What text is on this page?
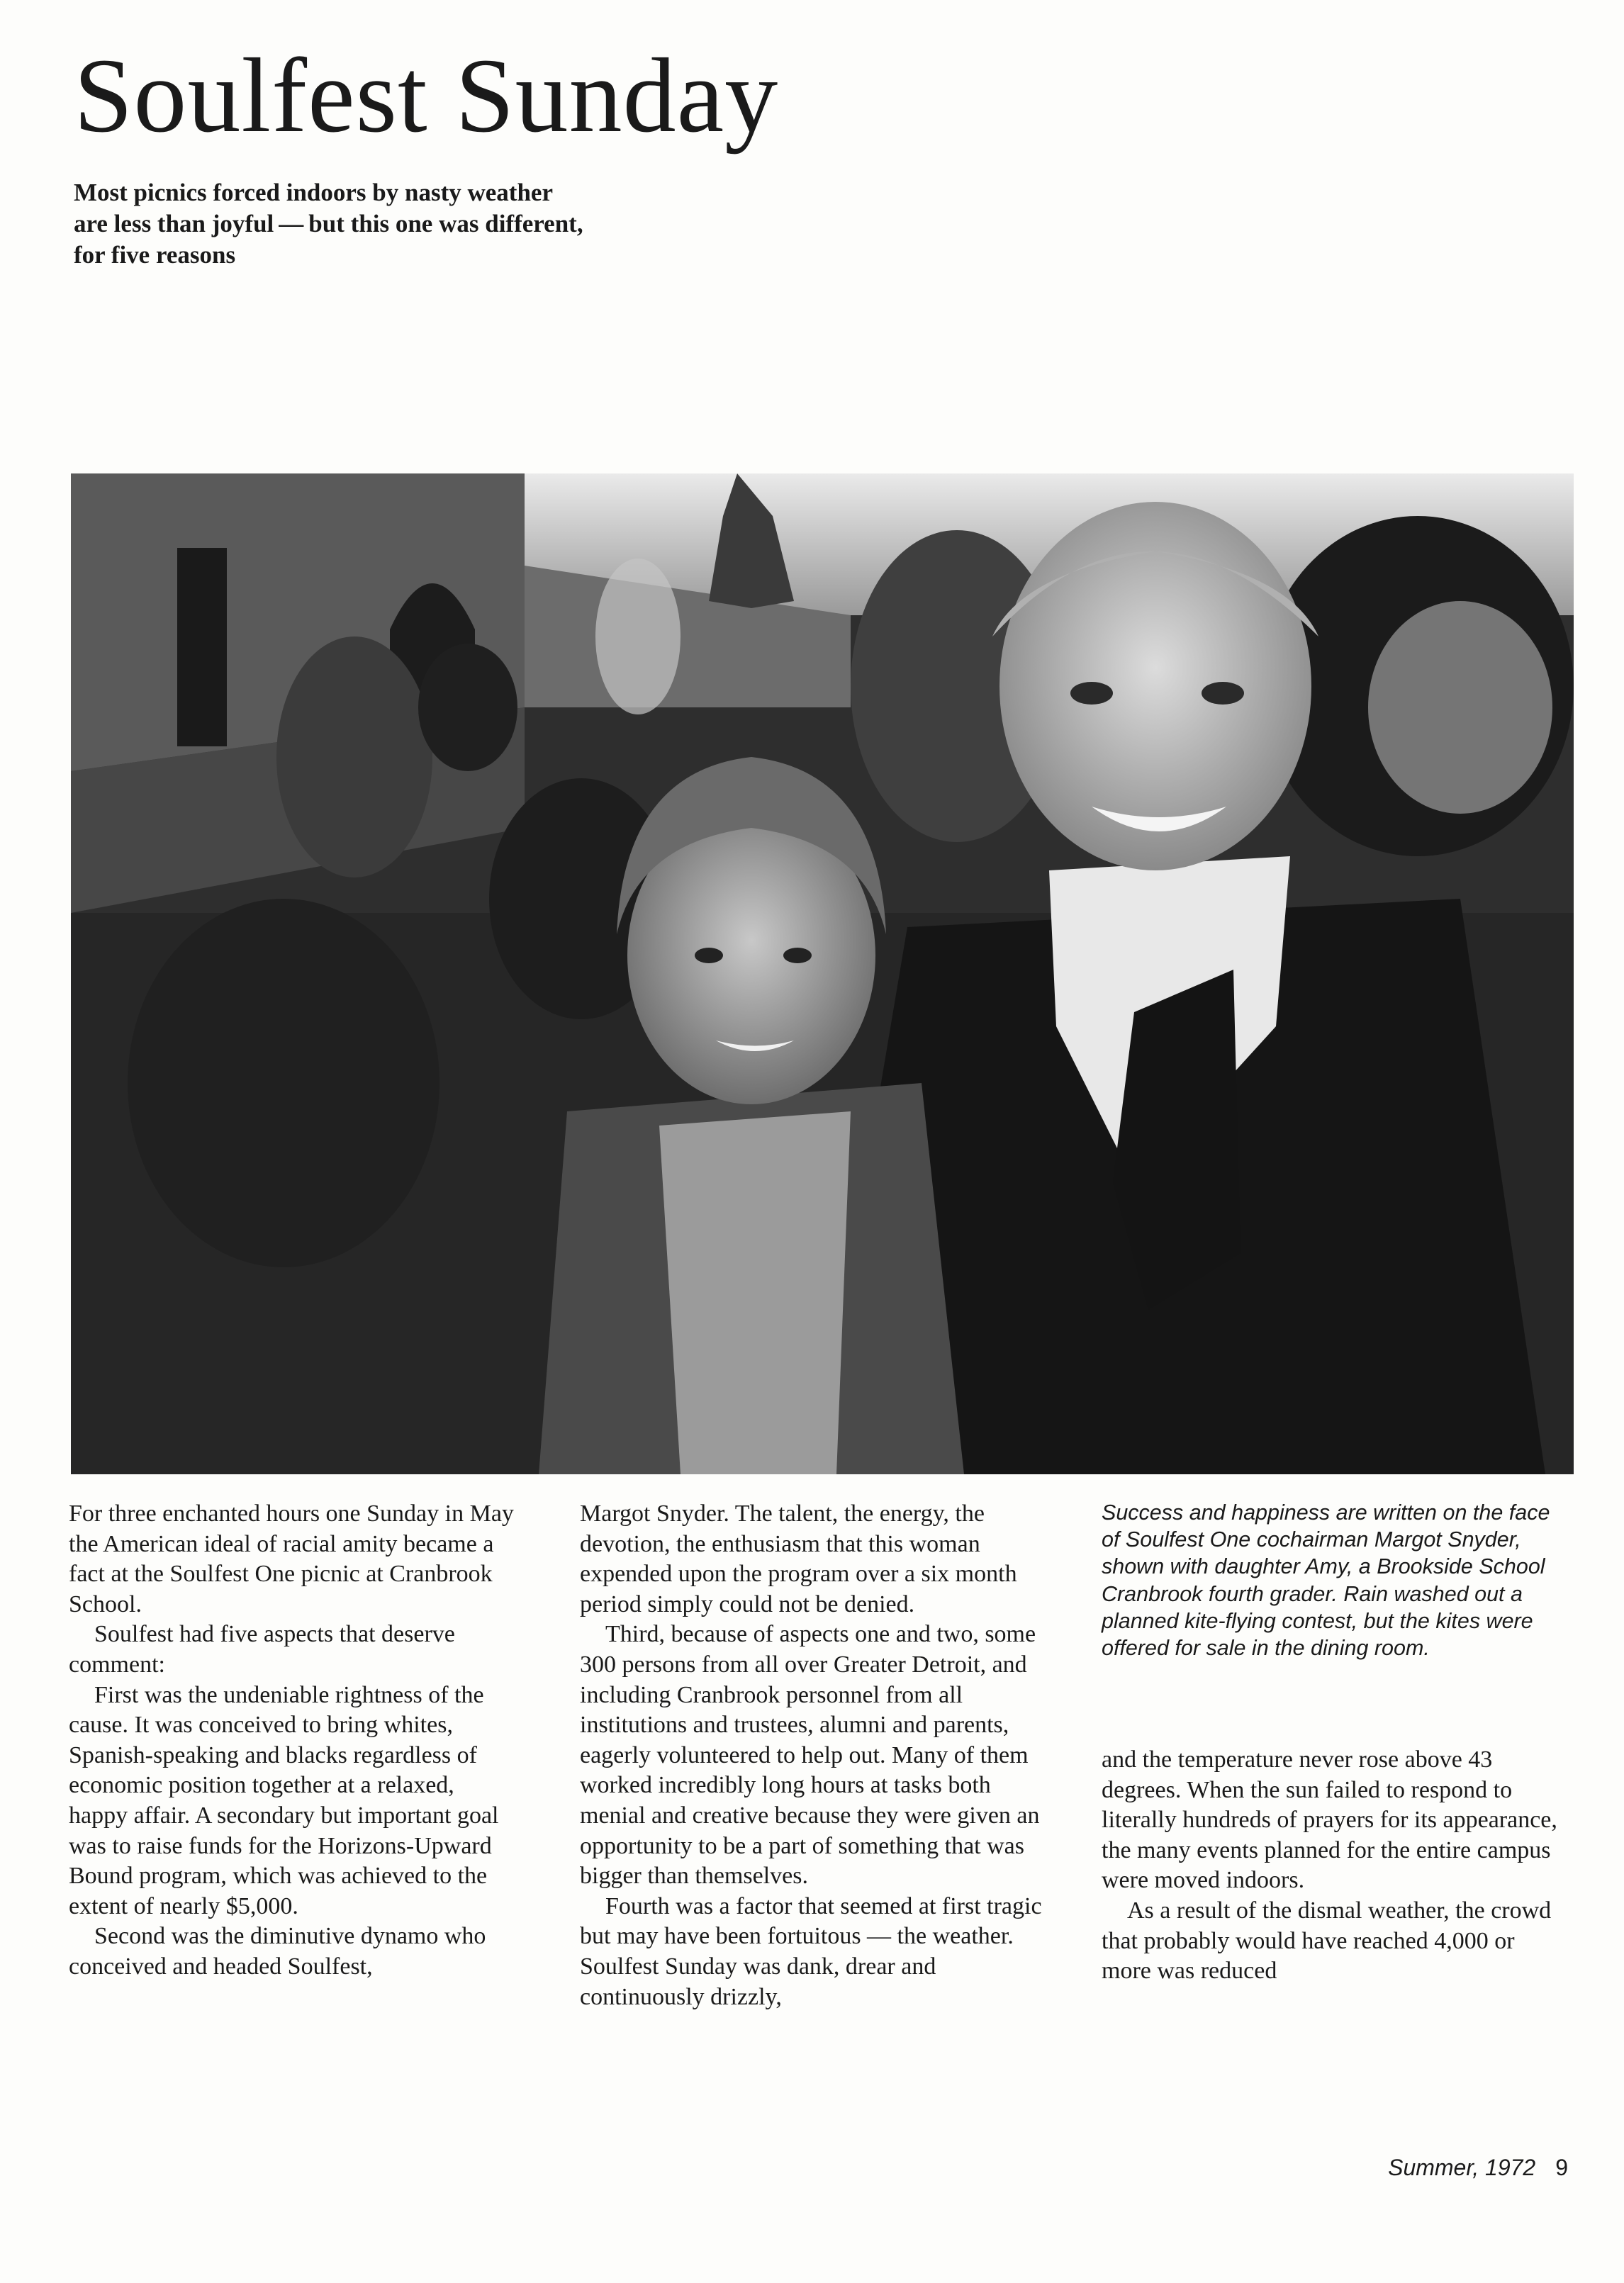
Soulfest Sunday

Most picnics forced indoors by nasty weather are less than joyful — but this one was different, for five reasons

For three enchanted hours one Sunday in May the American ideal of racial amity became a fact at the Soulfest One picnic at Cranbrook School.

Soulfest had five aspects that deserve comment:

First was the undeniable rightness of the cause. It was conceived to bring whites, Spanish-speaking and blacks regardless of economic position together at a relaxed, happy affair. A secondary but important goal was to raise funds for the Horizons-Upward Bound program, which was achieved to the extent of nearly $5,000.

Second was the diminutive dynamo who conceived and headed Soulfest,

Margot Snyder. The talent, the energy, the devotion, the enthusiasm that this woman expended upon the program over a six month period simply could not be denied.

Third, because of aspects one and two, some 300 persons from all over Greater Detroit, and including Cranbrook personnel from all institutions and trustees, alumni and parents, eagerly volunteered to help out. Many of them worked incredibly long hours at tasks both menial and creative because they were given an opportunity to be a part of something that was bigger than themselves.

Fourth was a factor that seemed at first tragic but may have been fortuitous — the weather. Soulfest Sunday was dank, drear and continuously drizzly,

Success and happiness are written on the face of Soulfest One cochairman Margot Snyder, shown with daughter Amy, a Brookside School Cranbrook fourth grader. Rain washed out a planned kite-flying contest, but the kites were offered for sale in the dining room.

and the temperature never rose above 43 degrees. When the sun failed to respond to literally hundreds of prayers for its appearance, the many events planned for the entire campus were moved indoors.

As a result of the dismal weather, the crowd that probably would have reached 4,000 or more was reduced

Summer, 1972 9
